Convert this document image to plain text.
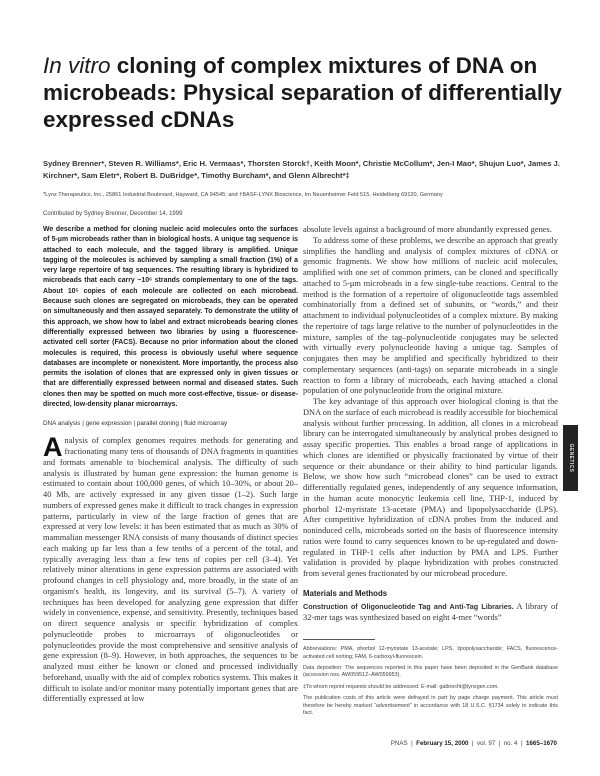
In vitro cloning of complex mixtures of DNA on microbeads: Physical separation of differentially expressed cDNAs
Sydney Brenner*, Steven R. Williams*, Eric H. Vermaas*, Thorsten Storck†, Keith Moon*, Christie McCollum*, Jen-I Mao*, Shujun Luo*, James J. Kirchner*, Sam Eletr*, Robert B. DuBridge*, Timothy Burcham*, and Glenn Albrecht*‡
*Lynx Therapeutics, Inc., 25861 Industrial Boulevard, Hayward, CA 94545; and †BASF-LYNX Bioscience, Im Neuenheimer Feld 515, Heidelberg 69120, Germany
Contributed by Sydney Brenner, December 14, 1999

We describe a method for cloning nucleic acid molecules onto the surfaces of 5-μm microbeads rather than in biological hosts. A unique tag sequence is attached to each molecule, and the tagged library is amplified. Unique tagging of the molecules is achieved by sampling a small fraction (1%) of a very large repertoire of tag sequences. The resulting library is hybridized to microbeads that each carry ~10⁶ strands complementary to one of the tags. About 10⁵ copies of each molecule are collected on each microbead. Because such clones are segregated on microbeads, they can be operated on simultaneously and then assayed separately. To demonstrate the utility of this approach, we show how to label and extract microbeads bearing clones differentially expressed between two libraries by using a fluorescence-activated cell sorter (FACS). Because no prior information about the cloned molecules is required, this process is obviously useful where sequence databases are incomplete or nonexistent. More importantly, the process also permits the isolation of clones that are expressed only in given tissues or that are differentially expressed between normal and diseased states. Such clones then may be spotted on much more cost-effective, tissue- or disease-directed, low-density planar microarrays.

DNA analysis | gene expression | parallel cloning | fluid microarray

Analysis of complex genomes requires methods for generating and fractionating many tens of thousands of DNA fragments in quantities and formats amenable to biochemical analysis. The difficulty of such analysis is illustrated by human gene expression: the human genome is estimated to contain about 100,000 genes, of which 10–30%, or about 20–40 Mb, are actively expressed in any given tissue (1–2). Such large numbers of expressed genes make it difficult to track changes in expression patterns, particularly in view of the large fraction of genes that are expressed at very low levels: it has been estimated that as much as 30% of mammalian messenger RNA consists of many thousands of distinct species each making up far less than a few tenths of a percent of the total, and typically averaging less than a few tens of copies per cell (3–4). Yet relatively minor alterations in gene expression patterns are associated with profound changes in cell physiology and, more broadly, in the state of an organism's health, its longevity, and its survival (5–7). A variety of techniques has been developed for analyzing gene expression that differ widely in convenience, expense, and sensitivity. Presently, techniques based on direct sequence analysis or specific hybridization of complex polynucleotide probes to microarrays of oligonucleotides or polynucleotides provide the most comprehensive and sensitive analysis of gene expression (8–9). However, in both approaches, the sequences to be analyzed must either be known or cloned and processed individually beforehand, usually with the aid of complex robotics systems. This makes it difficult to isolate and/or monitor many potentially important genes that are differentially expressed at low

absolute levels against a background of more abundantly expressed genes.

To address some of these problems, we describe an approach that greatly simplifies the handling and analysis of complex mixtures of cDNA or genomic fragments. We show how millions of nucleic acid molecules, amplified with one set of common primers, can be cloned and specifically attached to 5-μm microbeads in a few single-tube reactions. Central to the method is the formation of a repertoire of oligonucleotide tags assembled combinatorially from a defined set of subunits, or “words,” and their attachment to individual polynucleotides of a complex mixture. By making the repertoire of tags large relative to the number of polynucleotides in the mixture, samples of the tag–polynucleotide conjugates may be selected with virtually every polynucleotide having a unique tag. Samples of conjugates then may be amplified and specifically hybridized to their complementary sequences (anti-tags) on separate microbeads in a single reaction to form a library of microbeads, each having attached a clonal population of one polynucleotide from the original mixture.

The key advantage of this approach over biological cloning is that the DNA on the surface of each microbead is readily accessible for biochemical analysis without further processing. In addition, all clones in a microbead library can be interrogated simultaneously by analytical probes designed to assay specific properties. This enables a broad range of applications in which clones are identified or physically fractionated by virtue of their sequence or their abundance or their ability to bind particular ligands. Below, we show how such “microbead clones” can be used to extract differentially regulated genes, independently of any sequence information, in the human acute monocytic leukemia cell line, THP-1, induced by phorbol 12-myristate 13-acetate (PMA) and lipopolysaccharide (LPS). After competitive hybridization of cDNA probes from the induced and noninduced cells, microbeads sorted on the basis of fluorescence intensity ratios were found to carry sequences known to be up-regulated and down-regulated in THP-1 cells after induction by PMA and LPS. Further validation is provided by plaque hybridization with probes constructed from several genes fractionated by our microbead procedure.

Materials and Methods

Construction of Oligonucleotide Tag and Anti-Tag Libraries. A library of 32-mer tags was synthesized based on eight 4-mer “words”

Abbreviations: PMA, phorbol 12-myristate 13-acetate; LPS, lipopolysaccharide; FACS, fluorescence-activated cell sorting; FAM, 6-carboxyl-fluorescein.

Data deposition: The sequences reported in this paper have been deposited in the GenBank database (accession nos. AW059512–AW059953).

‡To whom reprint requests should be addressed. E-mail: galbrecht@lynxgen.com.

The publication costs of this article were defrayed in part by page charge payment. This article must therefore be hereby marked “advertisement” in accordance with 18 U.S.C. §1734 solely to indicate this fact.

PNAS | February 15, 2000 | vol. 97 | no. 4 | 1665–1670
GENETICS
